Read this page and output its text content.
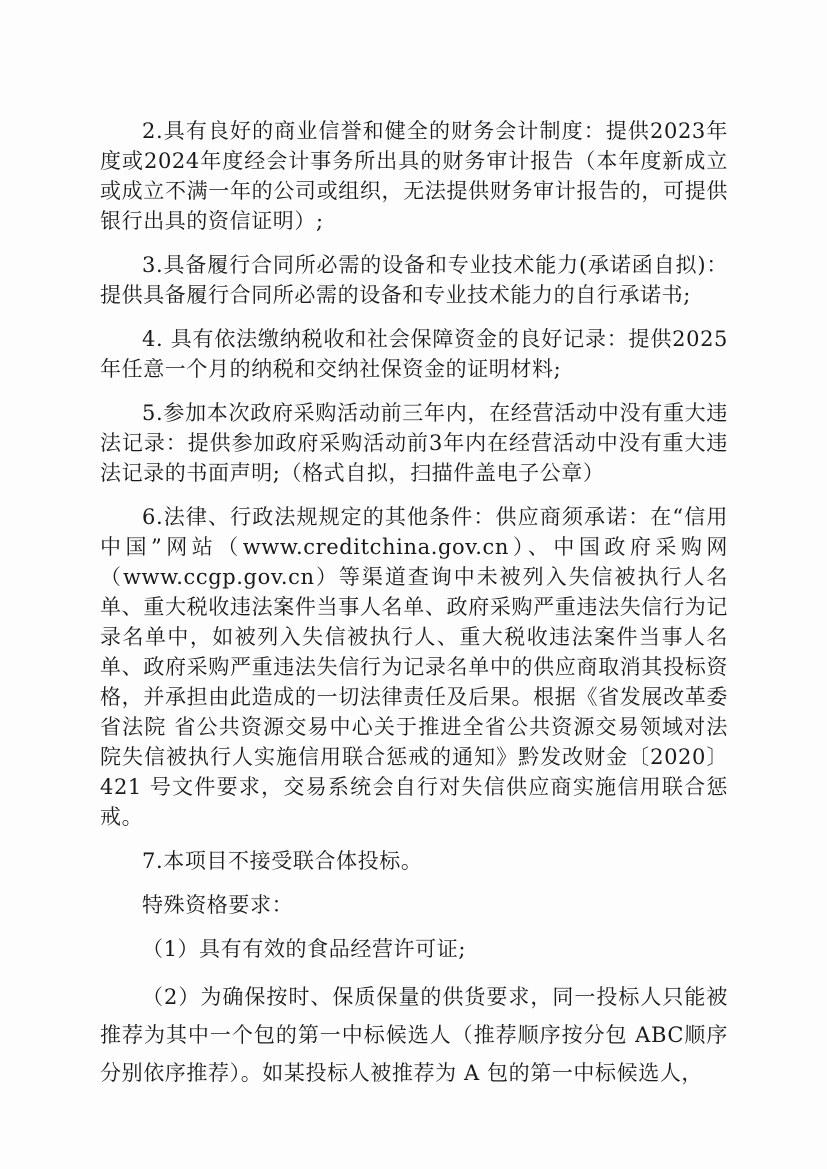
2.具有良好的商业信誉和健全的财务会计制度：提供2023年度或2024年度经会计事务所出具的财务审计报告（本年度新成立或成立不满一年的公司或组织，无法提供财务审计报告的，可提供银行出具的资信证明）;

3.具备履行合同所必需的设备和专业技术能力(承诺函自拟)：提供具备履行合同所必需的设备和专业技术能力的自行承诺书;

4. 具有依法缴纳税收和社会保障资金的良好记录：提供2025年任意一个月的纳税和交纳社保资金的证明材料;

5.参加本次政府采购活动前三年内，在经营活动中没有重大违法记录：提供参加政府采购活动前3年内在经营活动中没有重大违法记录的书面声明;（格式自拟，扫描件盖电子公章）

6.法律、行政法规规定的其他条件：供应商须承诺：在“信用中国”网站（www.creditchina.gov.cn）、中国政府采购网（www.ccgp.gov.cn）等渠道查询中未被列入失信被执行人名单、重大税收违法案件当事人名单、政府采购严重违法失信行为记录名单中，如被列入失信被执行人、重大税收违法案件当事人名单、政府采购严重违法失信行为记录名单中的供应商取消其投标资格，并承担由此造成的一切法律责任及后果。根据《省发展改革委 省法院 省公共资源交易中心关于推进全省公共资源交易领域对法院失信被执行人实施信用联合惩戒的通知》黔发改财金〔2020〕421 号文件要求，交易系统会自行对失信供应商实施信用联合惩戒。

7.本项目不接受联合体投标。

特殊资格要求：

（1）具有有效的食品经营许可证;

（2）为确保按时、保质保量的供货要求，同一投标人只能被推荐为其中一个包的第一中标候选人（推荐顺序按分包 ABC顺序分别依序推荐）。如某投标人被推荐为 A 包的第一中标候选人，
